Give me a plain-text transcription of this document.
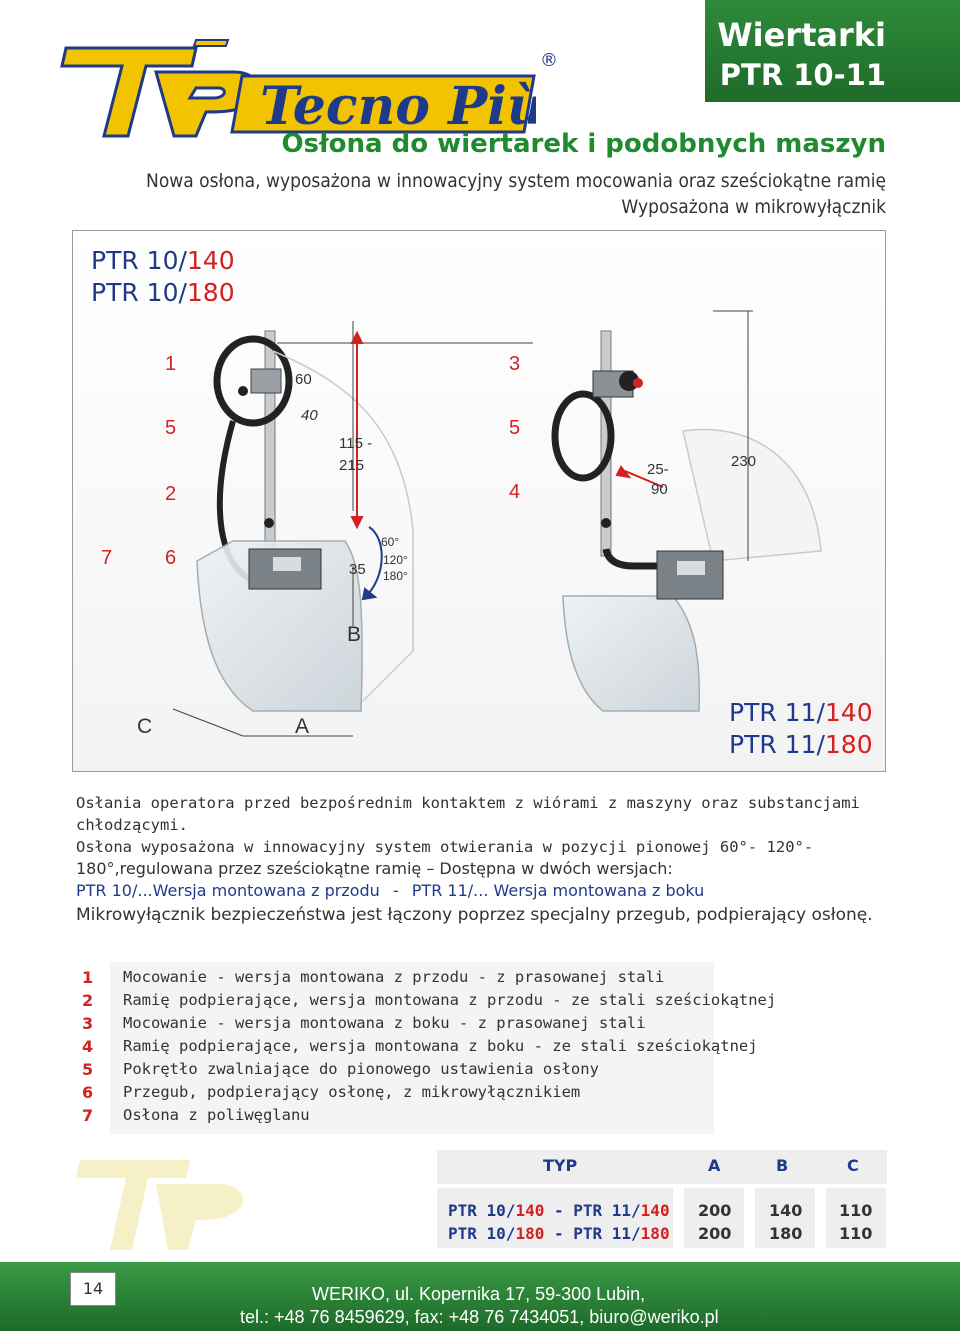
Wiertarki
PTR 10-11
Tecno Più
®
Osłona do wiertarek i podobnych maszyn
Nowa osłona, wyposażona w innowacyjny system mocowania oraz sześciokątne ramię
Wyposażona w mikrowyłącznik
PTR 10/140
PTR 10/180
PTR 11/140
PTR 11/180
1
5
2
3
5
4
7	6
60
40
115 -
215	25-
90
230
35
60°
120°
180°
B
C	A
Osłania operatora przed bezpośrednim kontaktem z wiórami z maszyny oraz substancjami
chłodzącymi.
Osłona wyposażona w innowacyjny system otwierania w pozycji pionowej 60°- 120°-
180°,regulowana przez sześciokątne ramię – Dostępna w dwóch wersjach:
PTR 10/...Wersja montowana z przodu - PTR 11/... Wersja montowana z boku
Mikrowyłącznik bezpieczeństwa jest łączony poprzez specjalny przegub, podpierający osłonę.
1 Mocowanie - wersja montowana z przodu - z prasowanej stali
2 Ramię podpierające, wersja montowana z przodu - ze stali sześciokątnej
3 Mocowanie - wersja montowana z boku - z prasowanej stali
4 Ramię podpierające, wersja montowana z boku - ze stali sześciokątnej
5 Pokrętło zwalniające do pionowego ustawienia osłony
6 Przegub, podpierający osłonę, z mikrowyłącznikiem
7 Osłona z poliwęglanu
TYP	A	B	C
PTR 10/140 - PTR 11/140 200 140 110
PTR 10/180 - PTR 11/180 200 180 110
14	WERIKO, ul. Kopernika 17, 59-300 Lubin,
tel.: +48 76 8459629, fax: +48 76 7434051, biuro@weriko.pl
